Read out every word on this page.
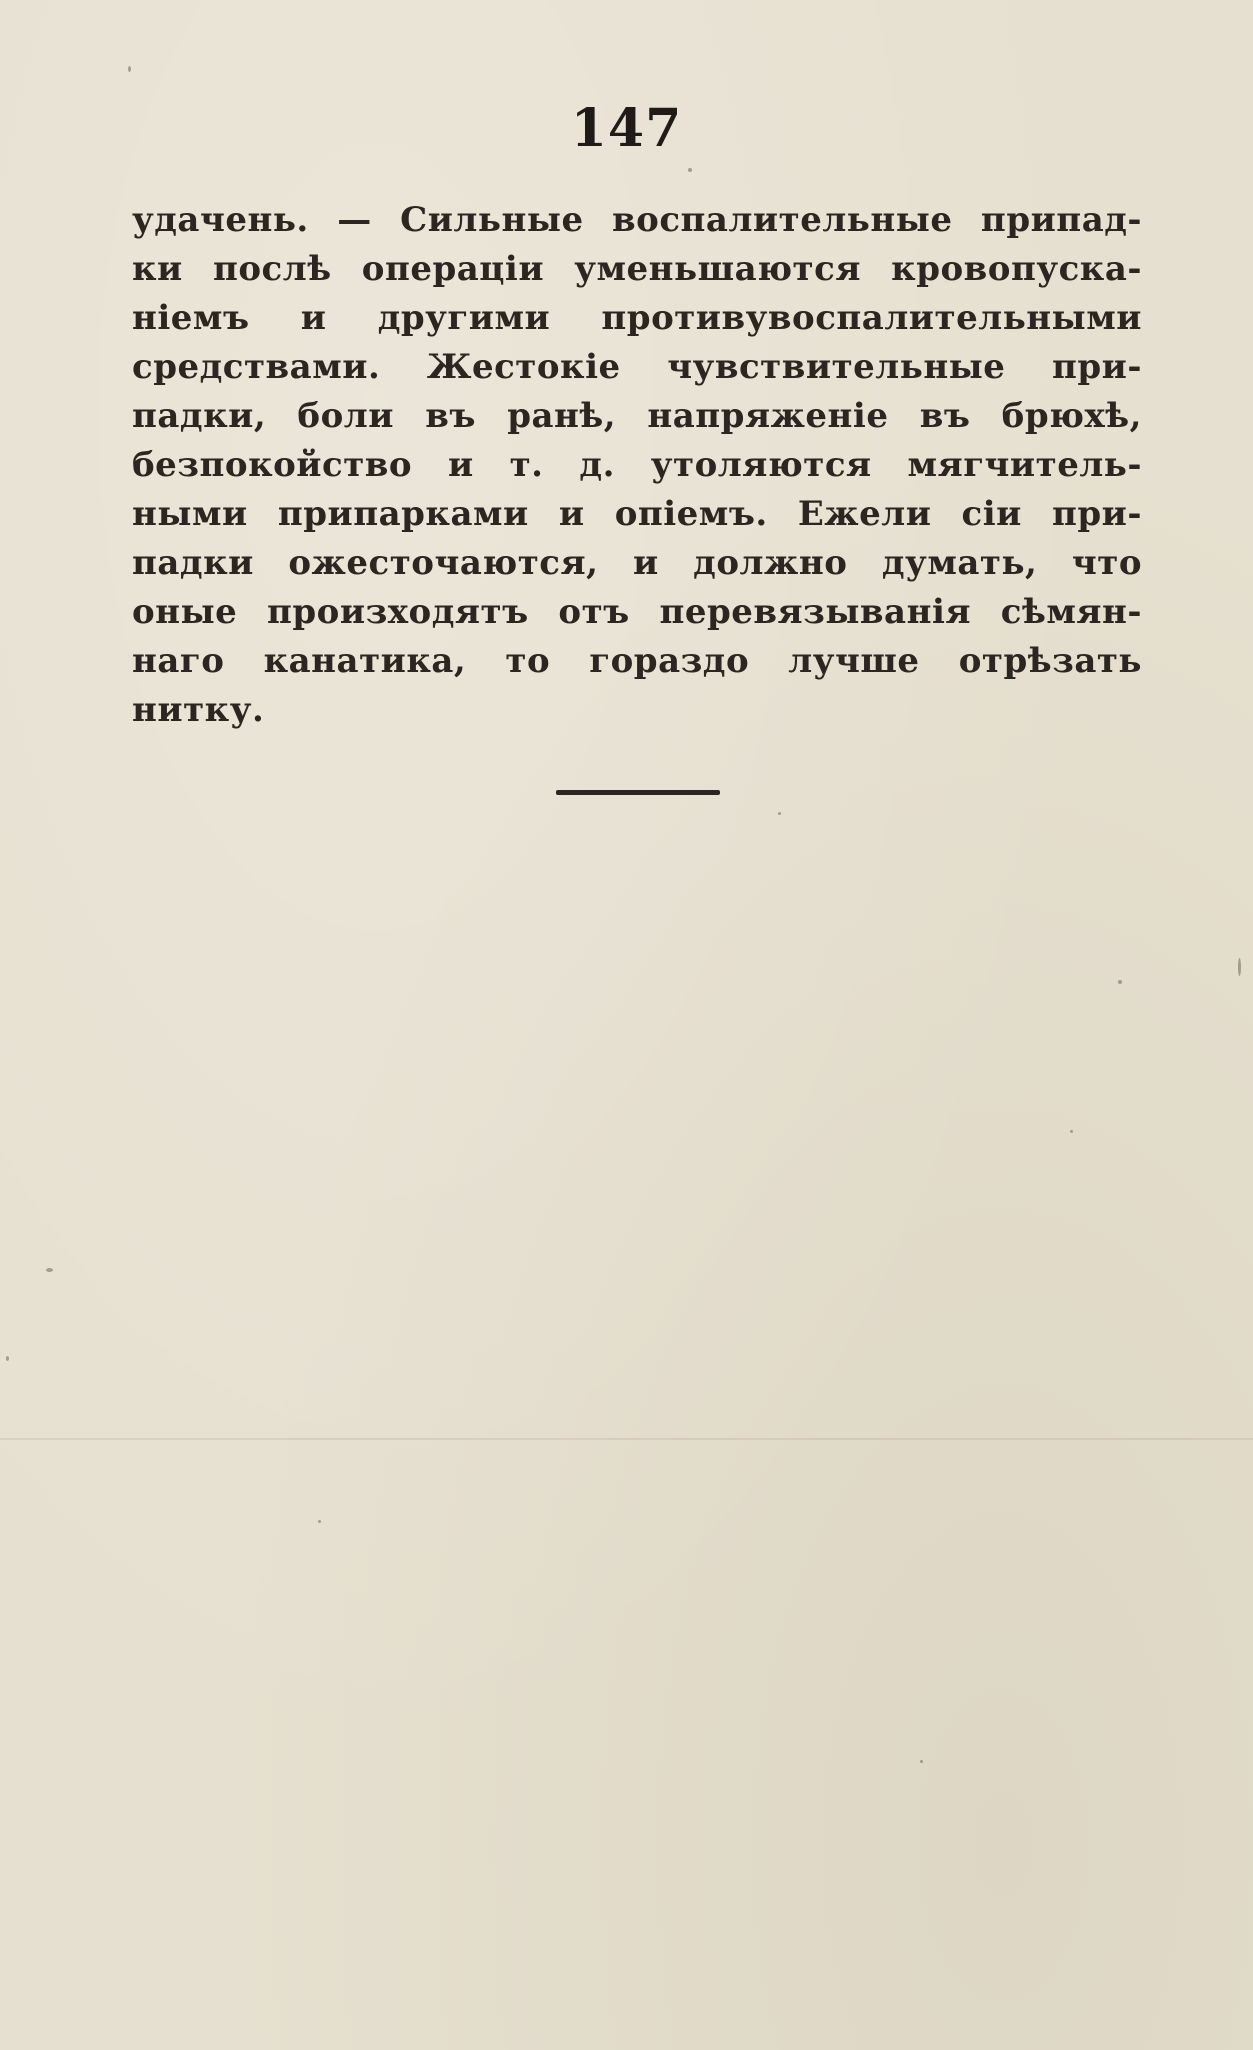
147
удачень. — Сильные воспалительные припад-
ки послѣ операціи уменьшаются кровопуска-
ніемъ и другими противувоспалительными
средствами. Жестокіе чувствительные при-
падки, боли въ ранѣ, напряженіе въ брюхѣ,
безпокойство и т. д. утоляются мягчитель-
ными припарками и опіемъ. Ежели сіи при-
падки ожесточаются, и должно думать, что
оные произходятъ отъ перевязыванія сѣмян-
наго канатика, то гораздо лучше отрѣзать
нитку.
